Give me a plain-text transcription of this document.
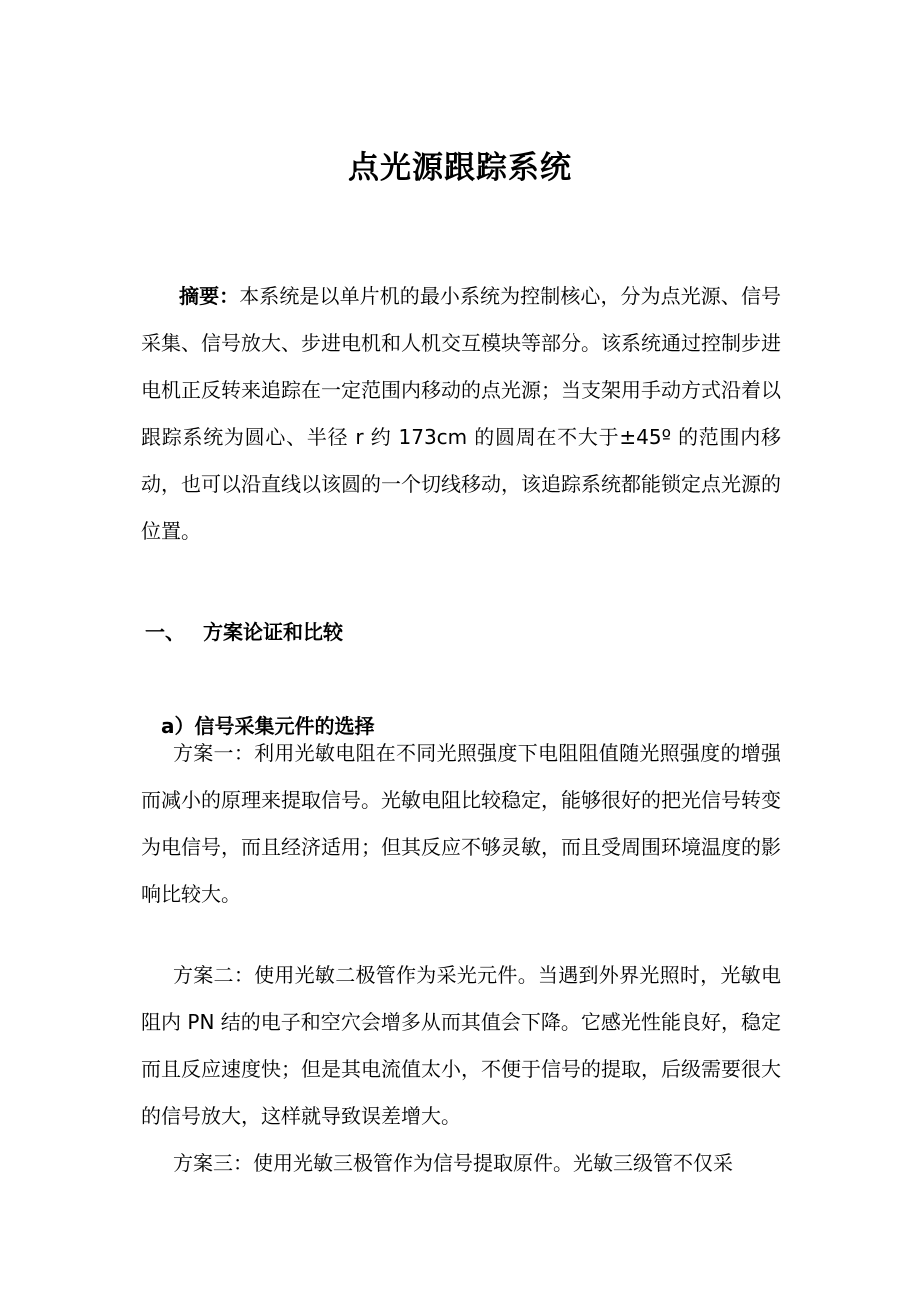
点光源跟踪系统

摘要：本系统是以单片机的最小系统为控制核心，分为点光源、信号采集、信号放大、步进电机和人机交互模块等部分。该系统通过控制步进电机正反转来追踪在一定范围内移动的点光源；当支架用手动方式沿着以跟踪系统为圆心、半径 r 约 173cm 的圆周在不大于±45º 的范围内移动，也可以沿直线以该圆的一个切线移动，该追踪系统都能锁定点光源的位置。

一、 方案论证和比较
a）信号采集元件的选择

方案一：利用光敏电阻在不同光照强度下电阻阻值随光照强度的增强而减小的原理来提取信号。光敏电阻比较稳定，能够很好的把光信号转变为电信号，而且经济适用；但其反应不够灵敏，而且受周围环境温度的影响比较大。

方案二：使用光敏二极管作为采光元件。当遇到外界光照时，光敏电阻内 PN 结的电子和空穴会增多从而其值会下降。它感光性能良好，稳定而且反应速度快；但是其电流值太小，不便于信号的提取，后级需要很大的信号放大，这样就导致误差增大。

方案三：使用光敏三极管作为信号提取原件。光敏三级管不仅采
